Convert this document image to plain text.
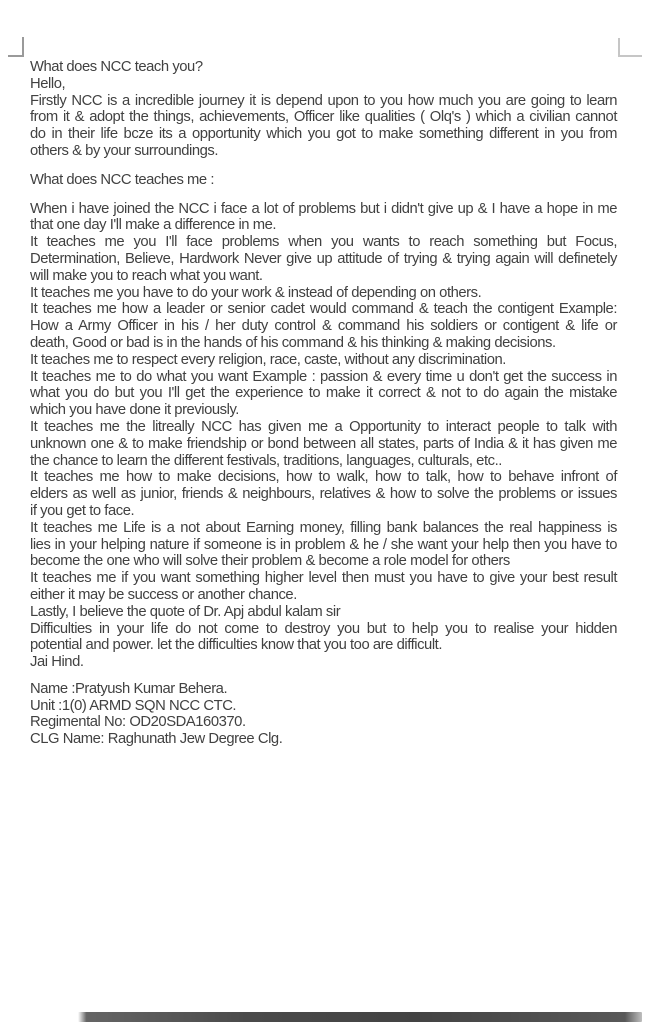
What does NCC teach you?
Hello,
Firstly NCC is a incredible journey it is depend upon to you how much you are going to learn
from it & adopt the things, achievements, Officer like qualities ( Olq's ) which a civilian cannot
do in their life bcze its a opportunity which you got to make something different in you from
others & by your surroundings.
What does NCC teaches me :
When i have joined the NCC i face a lot of problems but i didn't give up & I have a hope in me
that one day I'll make a difference in me.
It teaches me you I'll face problems when you wants to reach something but Focus,
Determination, Believe, Hardwork Never give up attitude of trying & trying again will definetely
will make you to reach what you want.
It teaches me you have to do your work & instead of depending on others.
It teaches me how a leader or senior cadet would command & teach the contigent Example:
How a Army Officer in his / her duty control & command his soldiers or contigent & life or
death, Good or bad is in the hands of his command & his thinking & making decisions.
It teaches me to respect every religion, race, caste, without any discrimination.
It teaches me to do what you want Example : passion & every time u don't get the success in
what you do but you I'll get the experience to make it correct & not to do again the mistake
which you have done it previously.
It teaches me the litreally NCC has given me a Opportunity to interact people to talk with
unknown one & to make friendship or bond between all states, parts of India & it has given me
the chance to learn the different festivals, traditions, languages, culturals, etc..
It teaches me how to make decisions, how to walk, how to talk, how to behave infront of
elders as well as junior, friends & neighbours, relatives & how to solve the problems or issues
if you get to face.
It teaches me Life is a not about Earning money, filling bank balances the real happiness is
lies in your helping nature if someone is in problem & he / she want your help then you have to
become the one who will solve their problem & become a role model for others
It teaches me if you want something higher level then must you have to give your best result
either it may be success or another chance.
Lastly, I believe the quote of Dr. Apj abdul kalam sir
Difficulties in your life do not come to destroy you but to help you to realise your hidden
potential and power. let the difficulties know that you too are difficult.
Jai Hind.
Name :Pratyush Kumar Behera.
Unit :1(0) ARMD SQN NCC CTC.
Regimental No: OD20SDA160370.
CLG Name: Raghunath Jew Degree Clg.
